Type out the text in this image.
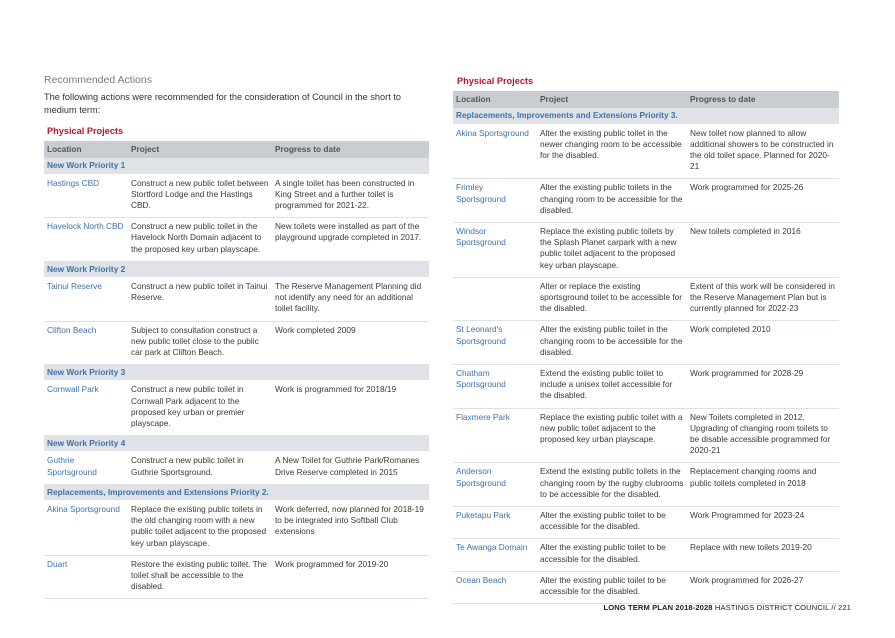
Recommended Actions
The following actions were recommended for the consideration of Council in the short to medium term:
Physical Projects
Location	Project	Progress to date
New Work Priority 1		
Hastings CBD	Construct a new public toilet between Stortford Lodge and the Hastings CBD.	A single toilet has been constructed in King Street and a further toilet is programmed for 2021-22.
Havelock North CBD	Construct a new public toilet in the Havelock North Domain adjacent to the proposed key urban playscape.	New toilets were installed as part of the playground upgrade completed in 2017.
New Work Priority 2		
Tainui Reserve	Construct a new public toilet in Tainui Reserve.	The Reserve Management Planning did not identify any need for an additional toilet facility.
Clifton Beach	Subject to consultation construct a new public toilet close to the public car park at Clifton Beach.	Work completed 2009
New Work Priority 3		
Cornwall Park	Construct a new public toilet in Cornwall Park adjacent to the proposed key urban or premier playscape.	Work is programmed for 2018/19
New Work Priority 4		
Guthrie Sportsground	Construct a new public toilet in Guthrie Sportsground.	A New Toilet for Guthrie Park/Romanes Drive Reserve completed in 2015
Replacements, Improvements and Extensions Priority 2.		
Akina Sportsground	Replace the existing public toilets in the old changing room with a new public toilet adjacent to the proposed key urban playscape.	Work deferred, now planned for 2018-19 to be integrated into Softball Club extensions
Duart	Restore the existing public toilet. The toilet shall be accessible to the disabled.	Work programmed for 2019-20
Physical Projects
Location	Project	Progress to date
Replacements, Improvements and Extensions Priority 3.		
Akina Sportsground	Alter the existing public toilet in the newer changing room to be accessible for the disabled.	New toilet now planned to allow additional showers to be constructed in the old toilet space. Planned for 2020-21
Frimley Sportsground	Alter the existing public toilets in the changing room to be accessible for the disabled.	Work programmed for 2025-26
Windsor Sportsground	Replace the existing public toilets by the Splash Planet carpark with a new public toilet adjacent to the proposed key urban playscape.	New toilets completed in 2016
	Alter or replace the existing sportsground toilet to be accessible for the disabled.	Extent of this work will be considered in the Reserve Management Plan but is currently planned for 2022-23
St Leonard's Sportsground	Alter the existing public toilet in the changing room to be accessible for the disabled.	Work completed 2010
Chatham Sportsground	Extend the existing public toilet to include a unisex toilet accessible for the disabled.	Work programmed for 2028-29
Flaxmere Park	Replace the existing public toilet with a new public toilet adjacent to the proposed key urban playscape.	New Toilets completed in 2012. Upgrading of changing room toilets to be disable accessible programmed for 2020-21
Anderson Sportsground	Extend the existing public toilets in the changing room by the rugby clubrooms to be accessible for the disabled.	Replacement changing rooms and public toilets completed in 2018
Puketapu Park	Alter the existing public toilet to be accessible for the disabled.	Work Programmed for 2023-24
Te Awanga Domain	Alter the existing public toilet to be accessible for the disabled.	Replace with new toilets 2019-20
Ocean Beach	Alter the existing public toilet to be accessible for the disabled.	Work programmed for 2026-27
LONG TERM PLAN 2018-2028 HASTINGS DISTRICT COUNCIL // 221
